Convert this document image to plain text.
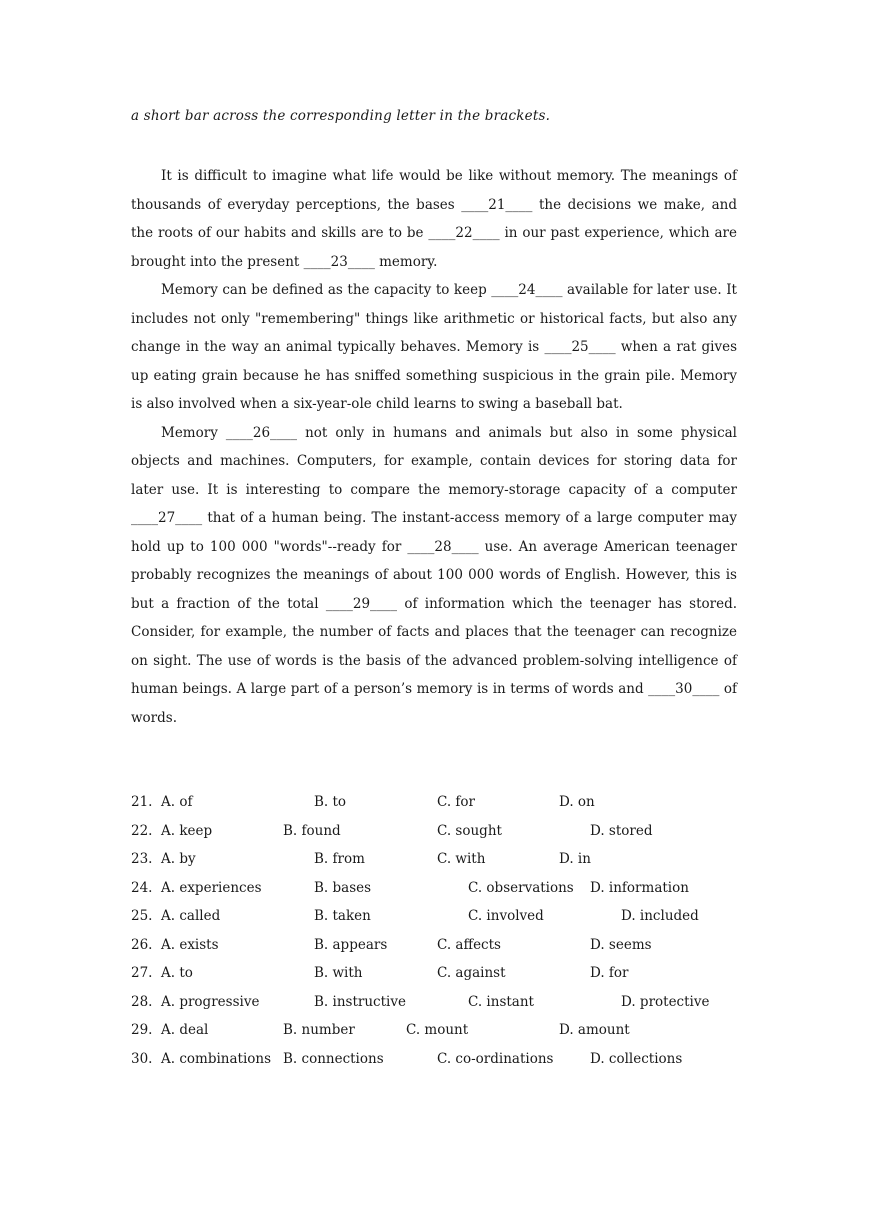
a short bar across the corresponding letter in the brackets.

It is difficult to imagine what life would be like without memory. The meanings of thousands of everyday perceptions, the bases ____21____ the decisions we make, and the roots of our habits and skills are to be ____22____ in our past experience, which are brought into the present ____23____ memory.

Memory can be defined as the capacity to keep ____24____ available for later use. It includes not only "remembering" things like arithmetic or historical facts, but also any change in the way an animal typically behaves. Memory is ____25____ when a rat gives up eating grain because he has sniffed something suspicious in the grain pile. Memory is also involved when a six-year-ole child learns to swing a baseball bat.

Memory ____26____ not only in humans and animals but also in some physical objects and machines. Computers, for example, contain devices for storing data for later use. It is interesting to compare the memory-storage capacity of a computer ____27____ that of a human being. The instant-access memory of a large computer may hold up to 100 000 "words"--ready for ____28____ use. An average American teenager probably recognizes the meanings of about 100 000 words of English. However, this is but a fraction of the total ____29____ of information which the teenager has stored. Consider, for example, the number of facts and places that the teenager can recognize on sight. The use of words is the basis of the advanced problem-solving intelligence of human beings. A large part of a person’s memory is in terms of words and ____30____ of words.

21. A. of	B. to	C. for	D. on
22. A. keep	B. found	C. sought	D. stored
23. A. by	B. from	C. with	D. in
24. A. experiences	B. bases	C. observations D. information
25. A. called	B. taken	C. involved	D. included
26. A. exists	B. appears	C. affects	D. seems
27. A. to	B. with	C. against	D. for
28. A. progressive	B. instructive	C. instant	D. protective
29. A. deal	B. number	C. mount	D. amount
30. A. combinations B. connections	C. co-ordinations	D. collections
